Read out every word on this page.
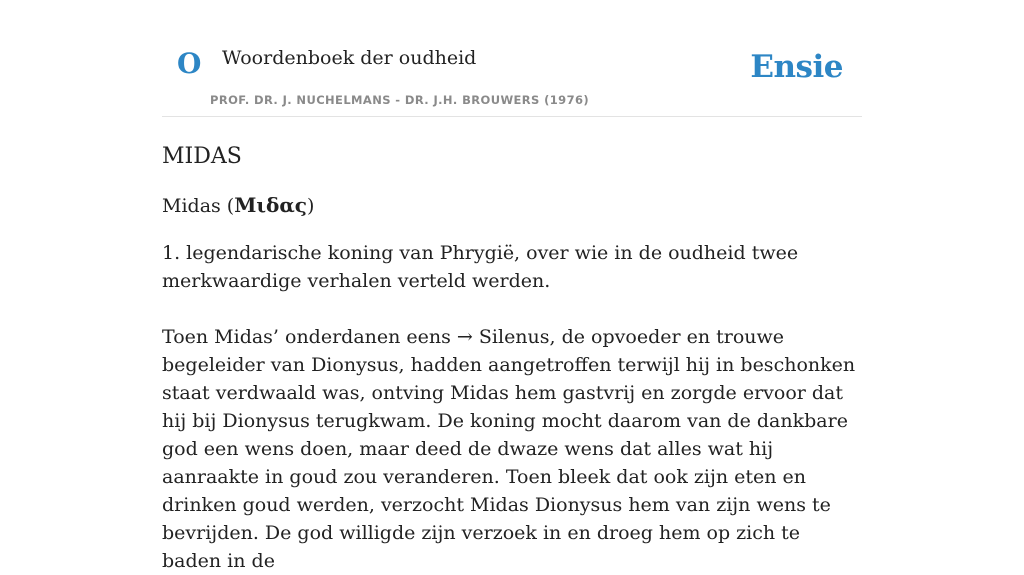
O Woordenboek der oudheid
PROF. DR. J. NUCHELMANS - DR. J.H. BROUWERS (1976)
Ensie
MIDAS
Midas (Μιδας)

1. legendarische koning van Phrygië, over wie in de oudheid twee merkwaardige verhalen verteld werden.

Toen Midas’ onderdanen eens → Silenus, de opvoeder en trouwe begeleider van Dionysus, hadden aangetroffen terwijl hij in beschonken staat verdwaald was, ontving Midas hem gastvrij en zorgde ervoor dat hij bij Dionysus terugkwam. De koning mocht daarom van de dankbare god een wens doen, maar deed de dwaze wens dat alles wat hij aanraakte in goud zou veranderen. Toen bleek dat ook zijn eten en drinken goud werden, verzocht Midas Dionysus hem van zijn wens te bevrijden. De god willigde zijn verzoek in en droeg hem op zich te baden in de
